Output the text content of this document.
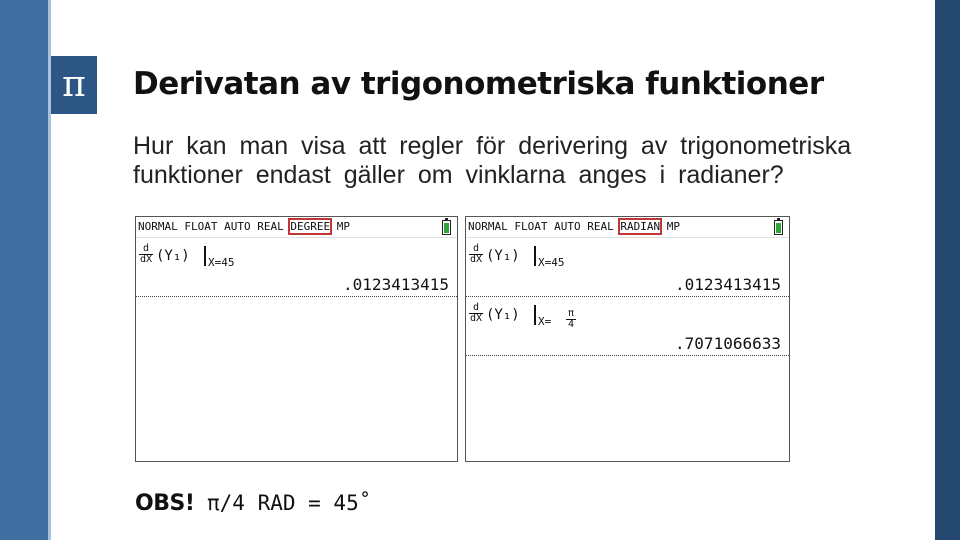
π	Derivatan av trigonometriska funktioner
Hur kan man visa att regler för derivering av trigonometriska

funktioner endast gäller om vinklarna anges i radianer?
NORMAL FLOAT AUTO REAL DEGREE MP
$\frac{d}{dX} (Y_1)$ X=45
.0123413415
NORMAL FLOAT AUTO REAL RADIAN MP
$\frac{d}{dX} (Y_1)$ X=45
.0123413415
$\frac{d}{dX} (Y_1)$ X=
π
4
.7071066633
OBS! π/4 RAD = 45˚
